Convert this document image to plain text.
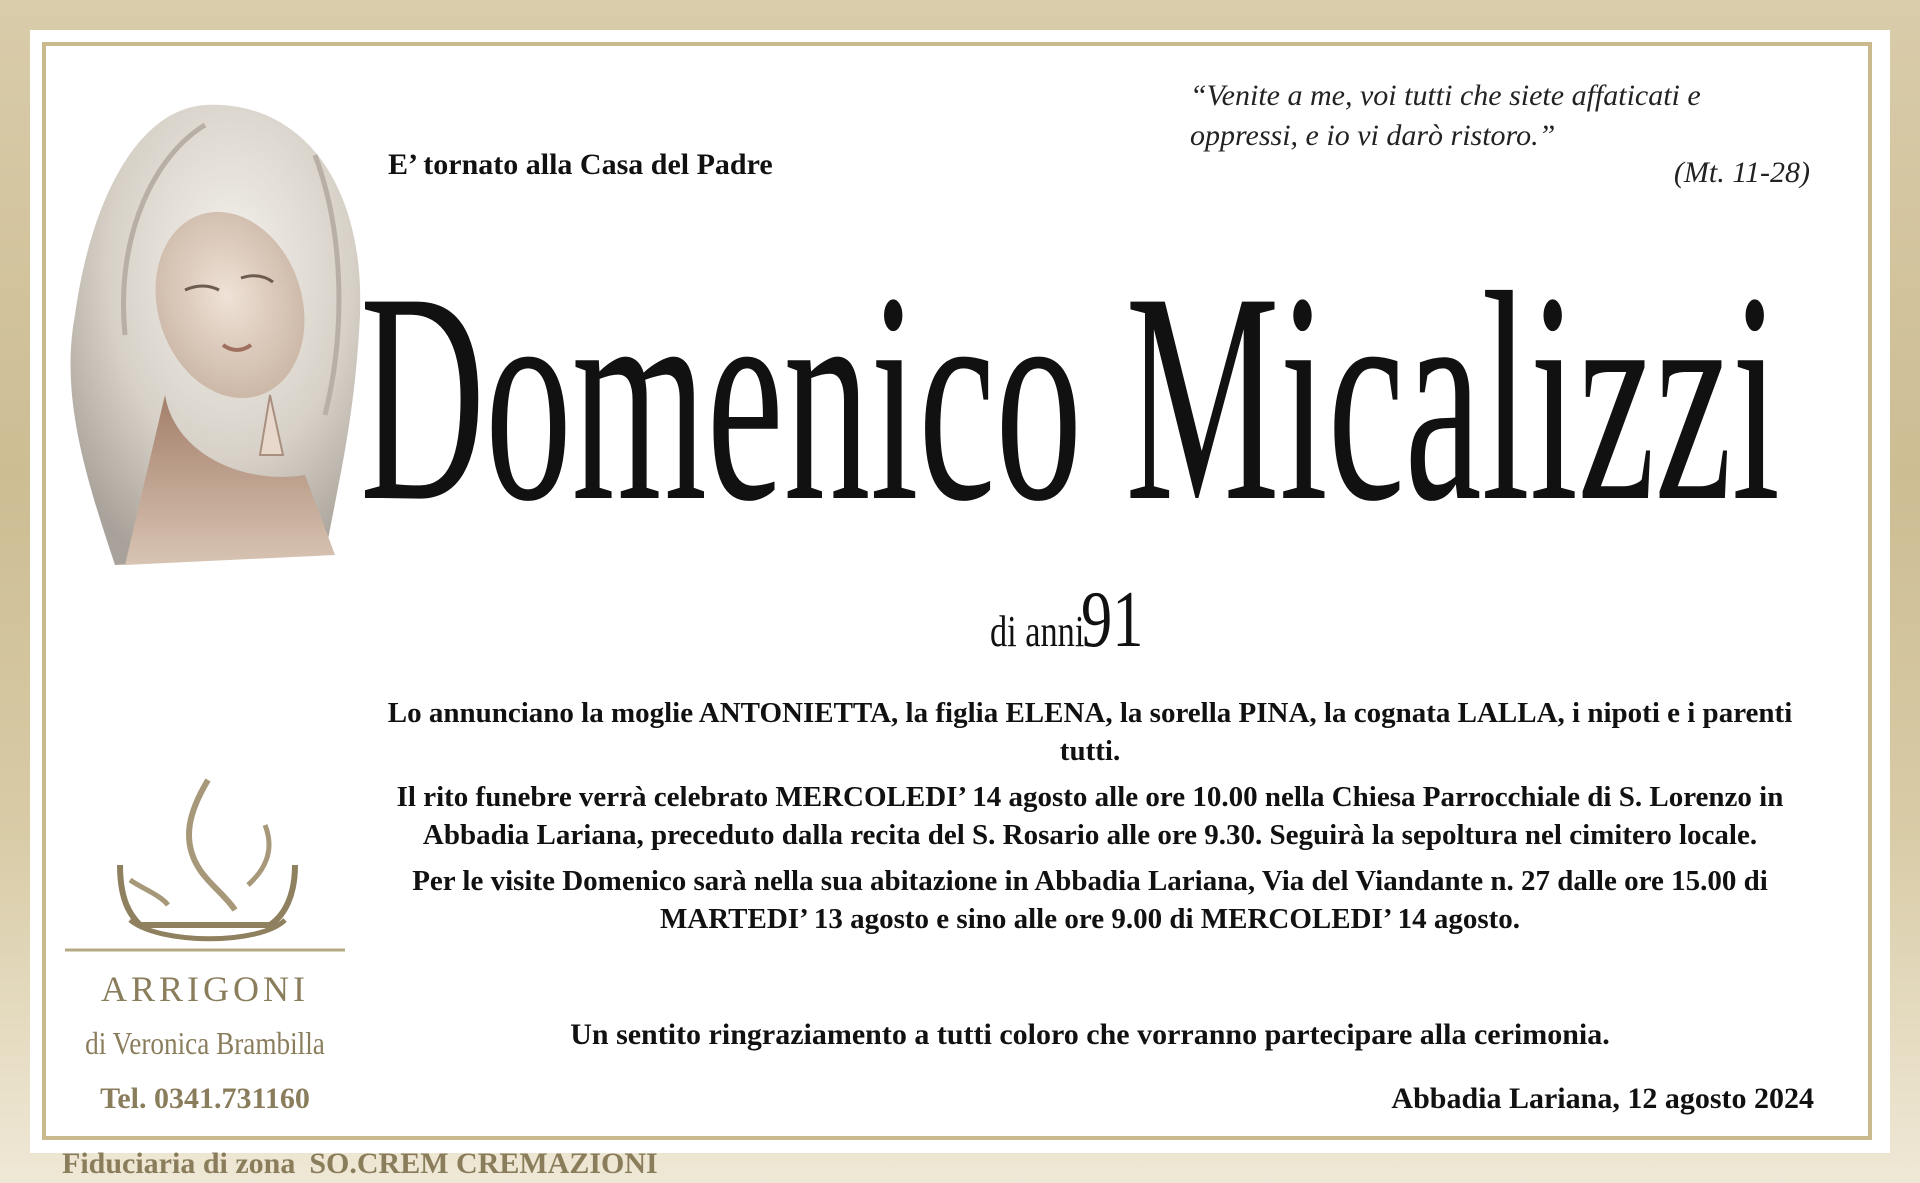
E’ tornato alla Casa del Padre
“Venite a me, voi tutti che siete affaticati e
oppressi, e io vi darò ristoro.”
(Mt. 11-28)
Domenico Micalizzi
di anni 91

Lo annunciano la moglie ANTONIETTA, la figlia ELENA, la sorella PINA, la cognata LALLA, i nipoti e i parenti tutti.

Il rito funebre verrà celebrato MERCOLEDI’ 14 agosto alle ore 10.00 nella Chiesa Parrocchiale di S. Lorenzo in Abbadia Lariana, preceduto dalla recita del S. Rosario alle ore 9.30. Seguirà la sepoltura nel cimitero locale.

Per le visite Domenico sarà nella sua abitazione in Abbadia Lariana, Via del Viandante n. 27 dalle ore 15.00 di MARTEDI’ 13 agosto e sino alle ore 9.00 di MERCOLEDI’ 14 agosto.

Un sentito ringraziamento a tutti coloro che vorranno partecipare alla cerimonia.
Abbadia Lariana, 12 agosto 2024
ARRIGONI
di Veronica Brambilla
Tel. 0341.731160
Fiduciaria di zona SO.CREM CREMAZIONI
